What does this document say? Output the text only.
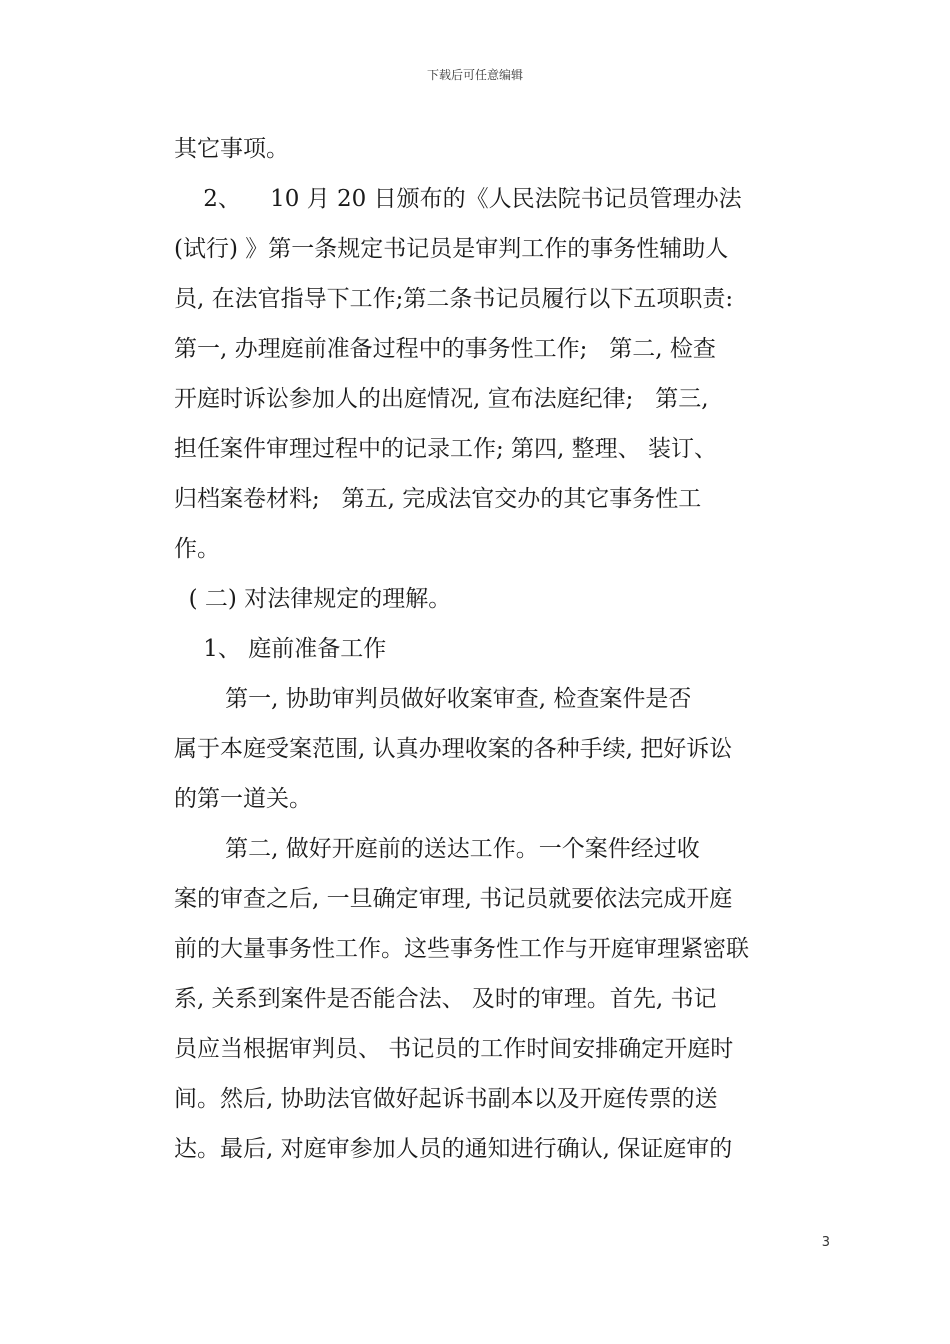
下载后可任意编辑
其它事项。
2、    10 月 20 日颁布的《人民法院书记员管理办法
(试行) 》第一条规定书记员是审判工作的事务性辅助人
员, 在法官指导下工作;第二条书记员履行以下五项职责:
第一, 办理庭前准备过程中的事务性工作;   第二, 检查
开庭时诉讼参加人的出庭情况, 宣布法庭纪律;   第三,
担任案件审理过程中的记录工作; 第四, 整理、 装订、
归档案卷材料;   第五, 完成法官交办的其它事务性工
作。
( 二) 对法律规定的理解。
1、 庭前准备工作
第一, 协助审判员做好收案审查, 检查案件是否
属于本庭受案范围, 认真办理收案的各种手续, 把好诉讼
的第一道关。
第二, 做好开庭前的送达工作。一个案件经过收
案的审查之后, 一旦确定审理, 书记员就要依法完成开庭
前的大量事务性工作。这些事务性工作与开庭审理紧密联
系, 关系到案件是否能合法、 及时的审理。首先, 书记
员应当根据审判员、 书记员的工作时间安排确定开庭时
间。然后, 协助法官做好起诉书副本以及开庭传票的送
达。最后, 对庭审参加人员的通知进行确认, 保证庭审的
3
